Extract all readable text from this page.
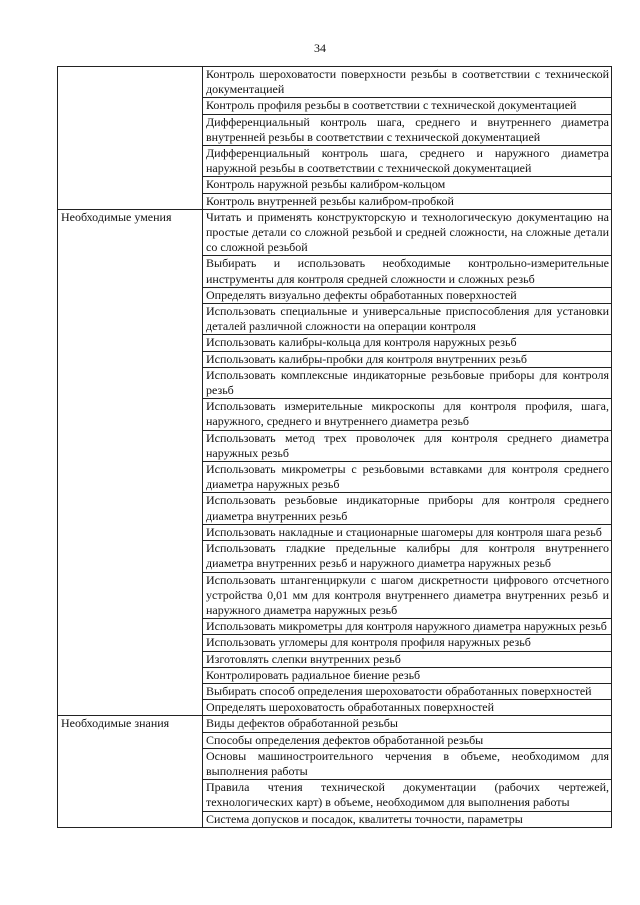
34
	Контроль шероховатости поверхности резьбы в соответствии с технической документацией
	Контроль профиля резьбы в соответствии с технической документацией
	Дифференциальный контроль шага, среднего и внутреннего диаметра внутренней резьбы в соответствии с технической документацией
	Дифференциальный контроль шага, среднего и наружного диаметра наружной резьбы в соответствии с технической документацией
	Контроль наружной резьбы калибром-кольцом
	Контроль внутренней резьбы калибром-пробкой
Необходимые умения	Читать и применять конструкторскую и технологическую документацию на простые детали со сложной резьбой и средней сложности, на сложные детали со сложной резьбой
	Выбирать и использовать необходимые контрольно-измерительные инструменты для контроля средней сложности и сложных резьб
	Определять визуально дефекты обработанных поверхностей
	Использовать специальные и универсальные приспособления для установки деталей различной сложности на операции контроля
	Использовать калибры-кольца для контроля наружных резьб
	Использовать калибры-пробки для контроля внутренних резьб
	Использовать комплексные индикаторные резьбовые приборы для контроля резьб
	Использовать измерительные микроскопы для контроля профиля, шага, наружного, среднего и внутреннего диаметра резьб
	Использовать метод трех проволочек для контроля среднего диаметра наружных резьб
	Использовать микрометры с резьбовыми вставками для контроля среднего диаметра наружных резьб
	Использовать резьбовые индикаторные приборы для контроля среднего диаметра внутренних резьб
	Использовать накладные и стационарные шагомеры для контроля шага резьб
	Использовать гладкие предельные калибры для контроля внутреннего диаметра внутренних резьб и наружного диаметра наружных резьб
	Использовать штангенциркули с шагом дискретности цифрового отсчетного устройства 0,01 мм для контроля внутреннего диаметра внутренних резьб и наружного диаметра наружных резьб
	Использовать микрометры для контроля наружного диаметра наружных резьб
	Использовать угломеры для контроля профиля наружных резьб
	Изготовлять слепки внутренних резьб
	Контролировать радиальное биение резьб
	Выбирать способ определения шероховатости обработанных поверхностей
	Определять шероховатость обработанных поверхностей
Необходимые знания	Виды дефектов обработанной резьбы
	Способы определения дефектов обработанной резьбы
	Основы машиностроительного черчения в объеме, необходимом для выполнения работы
	Правила чтения технической документации (рабочих чертежей, технологических карт) в объеме, необходимом для выполнения работы
	Система допусков и посадок, квалитеты точности, параметры
